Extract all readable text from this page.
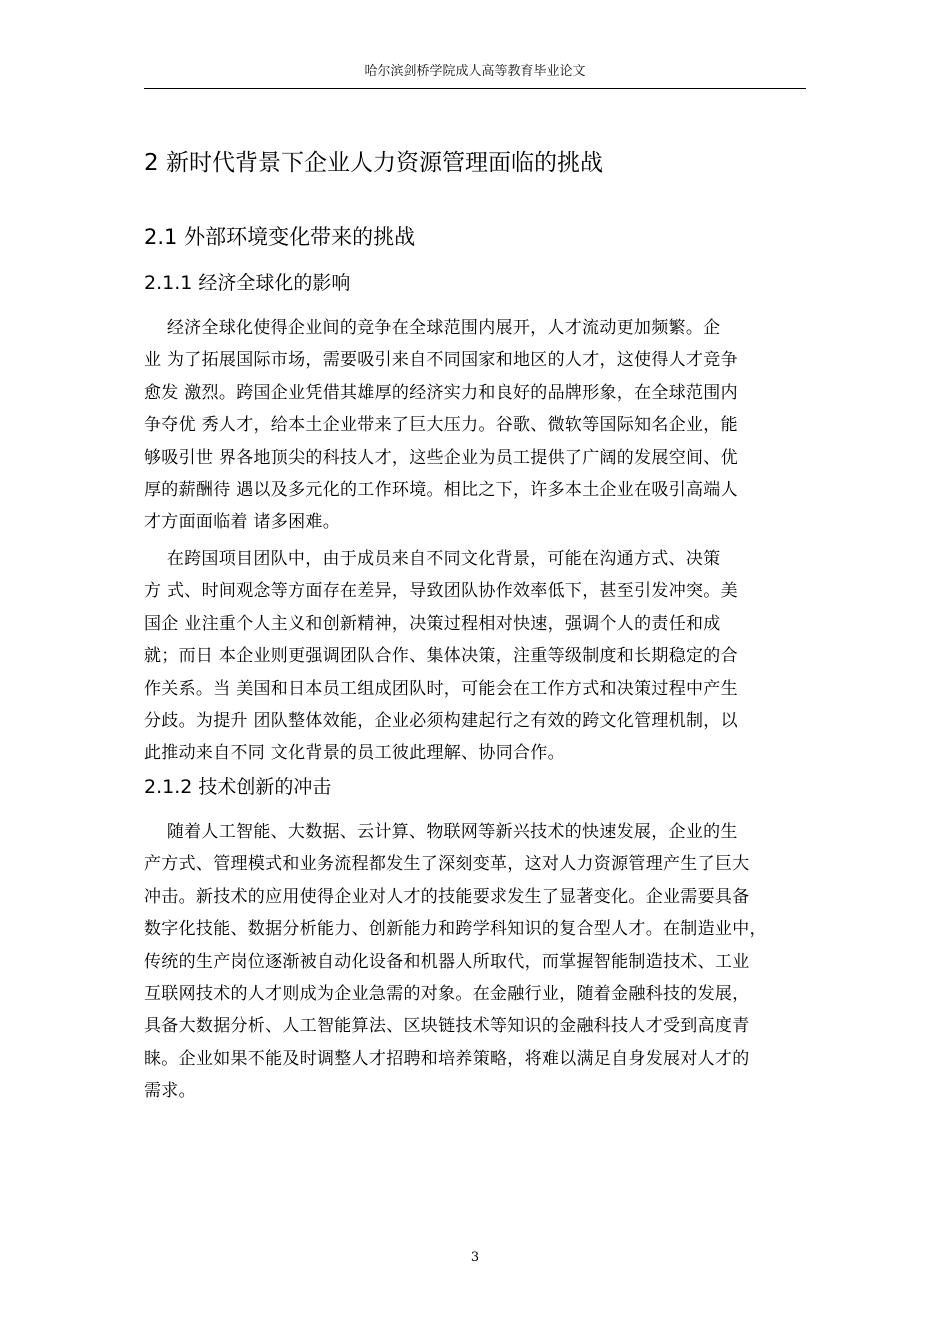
哈尔滨剑桥学院成人高等教育毕业论文
2 新时代背景下企业人力资源管理面临的挑战
2.1 外部环境变化带来的挑战
2.1.1 经济全球化的影响
经济全球化使得企业间的竞争在全球范围内展开，人才流动更加频繁。企
业 为了拓展国际市场，需要吸引来自不同国家和地区的人才，这使得人才竞争
愈发 激烈。跨国企业凭借其雄厚的经济实力和良好的品牌形象，在全球范围内
争夺优 秀人才，给本土企业带来了巨大压力。谷歌、微软等国际知名企业，能
够吸引世 界各地顶尖的科技人才，这些企业为员工提供了广阔的发展空间、优
厚的薪酬待 遇以及多元化的工作环境。相比之下，许多本土企业在吸引高端人
才方面面临着 诸多困难。
在跨国项目团队中，由于成员来自不同文化背景，可能在沟通方式、决策
方 式、时间观念等方面存在差异，导致团队协作效率低下，甚至引发冲突。美
国企 业注重个人主义和创新精神，决策过程相对快速，强调个人的责任和成
就；而日 本企业则更强调团队合作、集体决策，注重等级制度和长期稳定的合
作关系。当 美国和日本员工组成团队时，可能会在工作方式和决策过程中产生
分歧。为提升 团队整体效能，企业必须构建起行之有效的跨文化管理机制，以
此推动来自不同 文化背景的员工彼此理解、协同合作。
2.1.2 技术创新的冲击
随着人工智能、大数据、云计算、物联网等新兴技术的快速发展，企业的生
产方式、管理模式和业务流程都发生了深刻变革，这对人力资源管理产生了巨大
冲击。新技术的应用使得企业对人才的技能要求发生了显著变化。企业需要具备
数字化技能、数据分析能力、创新能力和跨学科知识的复合型人才。在制造业中，
传统的生产岗位逐渐被自动化设备和机器人所取代，而掌握智能制造技术、工业
互联网技术的人才则成为企业急需的对象。在金融行业，随着金融科技的发展，
具备大数据分析、人工智能算法、区块链技术等知识的金融科技人才受到高度青
睐。企业如果不能及时调整人才招聘和培养策略，将难以满足自身发展对人才的
需求。
3
